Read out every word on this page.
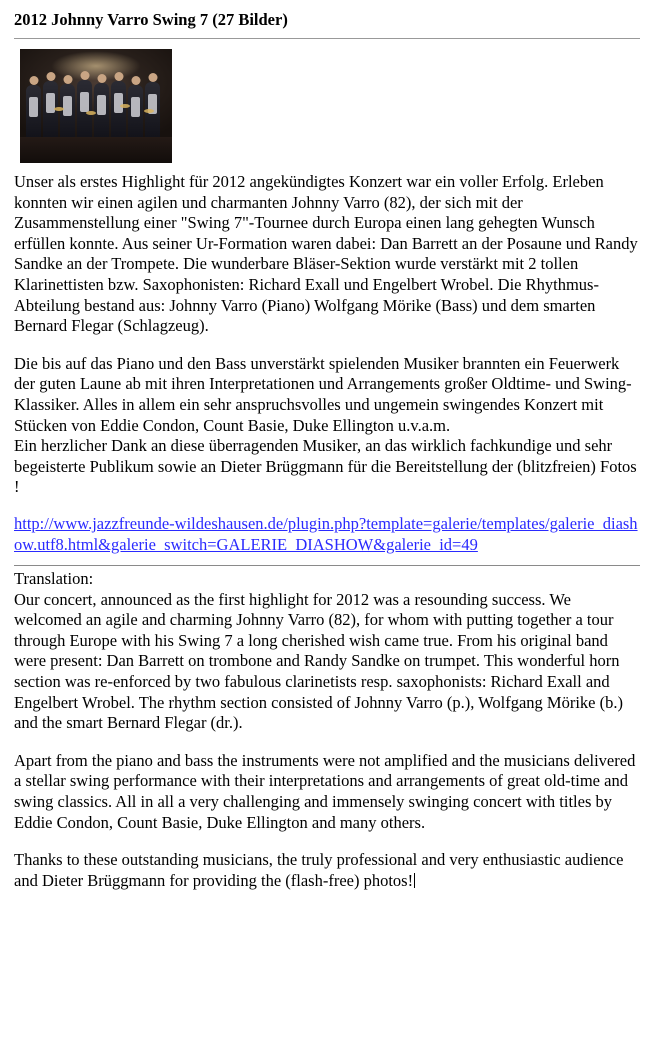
2012 Johnny Varro Swing 7 (27 Bilder)

Unser als erstes Highlight für 2012 angekündigtes Konzert war ein voller Erfolg. Erleben konnten wir einen agilen und charmanten Johnny Varro (82), der sich mit der Zusammenstellung einer "Swing 7"-Tournee durch Europa einen lang gehegten Wunsch erfüllen konnte. Aus seiner Ur-Formation waren dabei: Dan Barrett an der Posaune und Randy Sandke an der Trompete. Die wunderbare Bläser-Sektion wurde verstärkt mit 2 tollen Klarinettisten bzw. Saxophonisten: Richard Exall und Engelbert Wrobel. Die Rhythmus-Abteilung bestand aus: Johnny Varro (Piano) Wolfgang Mörike (Bass) und dem smarten Bernard Flegar (Schlagzeug).

Die bis auf das Piano und den Bass unverstärkt spielenden Musiker brannten ein Feuerwerk der guten Laune ab mit ihren Interpretationen und Arrangements großer Oldtime- und Swing-Klassiker. Alles in allem ein sehr anspruchsvolles und ungemein swingendes Konzert mit Stücken von Eddie Condon, Count Basie, Duke Ellington u.v.a.m.

Ein herzlicher Dank an diese überragenden Musiker, an das wirklich fachkundige und sehr begeisterte Publikum sowie an Dieter Brüggmann für die Bereitstellung der (blitzfreien) Fotos !

http://www.jazzfreunde-wildeshausen.de/plugin.php?template=galerie/templates/galerie_diashow.utf8.html&galerie_switch=GALERIE_DIASHOW&galerie_id=49

Translation:

Our concert, announced as the first highlight for 2012 was a resounding success. We welcomed an agile and charming Johnny Varro (82), for whom with putting together a tour through Europe with his Swing 7 a long cherished wish came true. From his original band were present: Dan Barrett on trombone and Randy Sandke on trumpet. This wonderful horn section was re-enforced by two fabulous clarinetists resp. saxophonists: Richard Exall and Engelbert Wrobel. The rhythm section consisted of Johnny Varro (p.), Wolfgang Mörike (b.) and the smart Bernard Flegar (dr.).

Apart from the piano and bass the instruments were not amplified and the musicians delivered a stellar swing performance with their interpretations and arrangements of great old-time and swing classics. All in all a very challenging and immensely swinging concert with titles by Eddie Condon, Count Basie, Duke Ellington and many others.

Thanks to these outstanding musicians, the truly professional and very enthusiastic audience and Dieter Brüggmann for providing the (flash-free) photos!
